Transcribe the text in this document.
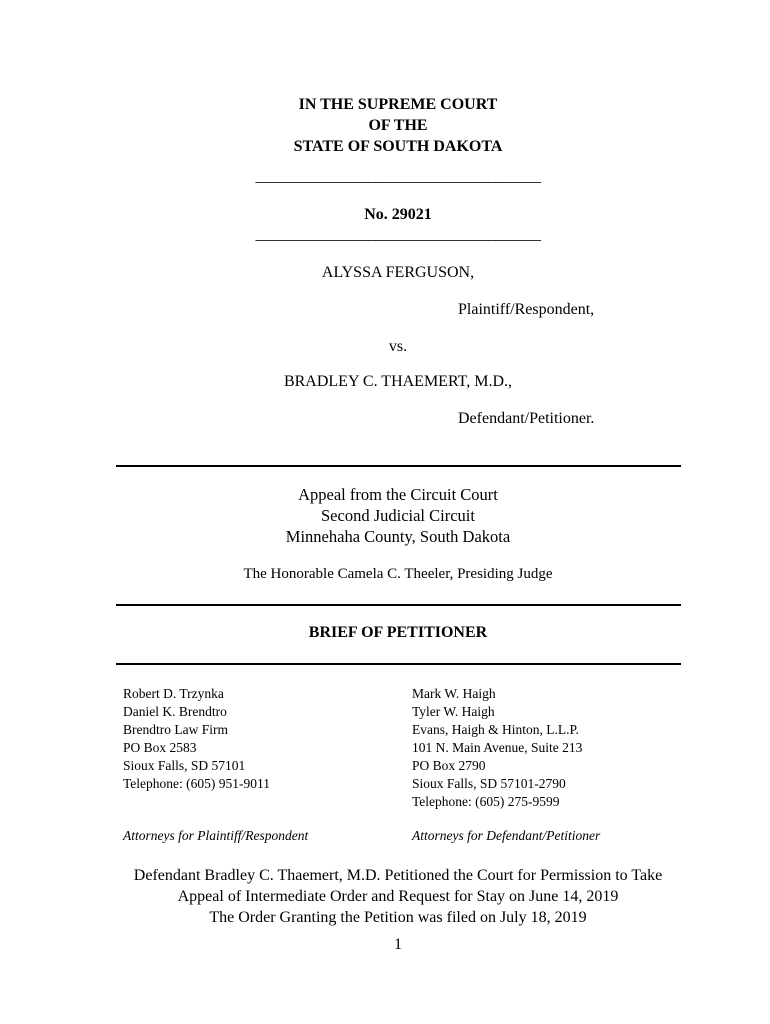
IN THE SUPREME COURT
OF THE
STATE OF SOUTH DAKOTA
______________________________________
No. 29021
______________________________________
ALYSSA FERGUSON,
Plaintiff/Respondent,
vs.
BRADLEY C. THAEMERT, M.D.,
Defendant/Petitioner.
Appeal from the Circuit Court
Second Judicial Circuit
Minnehaha County, South Dakota
The Honorable Camela C. Theeler, Presiding Judge
BRIEF OF PETITIONER
Robert D. Trzynka
Daniel K. Brendtro
Brendtro Law Firm
PO Box 2583
Sioux Falls, SD 57101
Telephone: (605) 951-9011
Mark W. Haigh
Tyler W. Haigh
Evans, Haigh & Hinton, L.L.P.
101 N. Main Avenue, Suite 213
PO Box 2790
Sioux Falls, SD 57101-2790
Telephone: (605) 275-9599
Attorneys for Plaintiff/Respondent	Attorneys for Defendant/Petitioner
Defendant Bradley C. Thaemert, M.D. Petitioned the Court for Permission to Take
Appeal of Intermediate Order and Request for Stay on June 14, 2019
The Order Granting the Petition was filed on July 18, 2019
1
